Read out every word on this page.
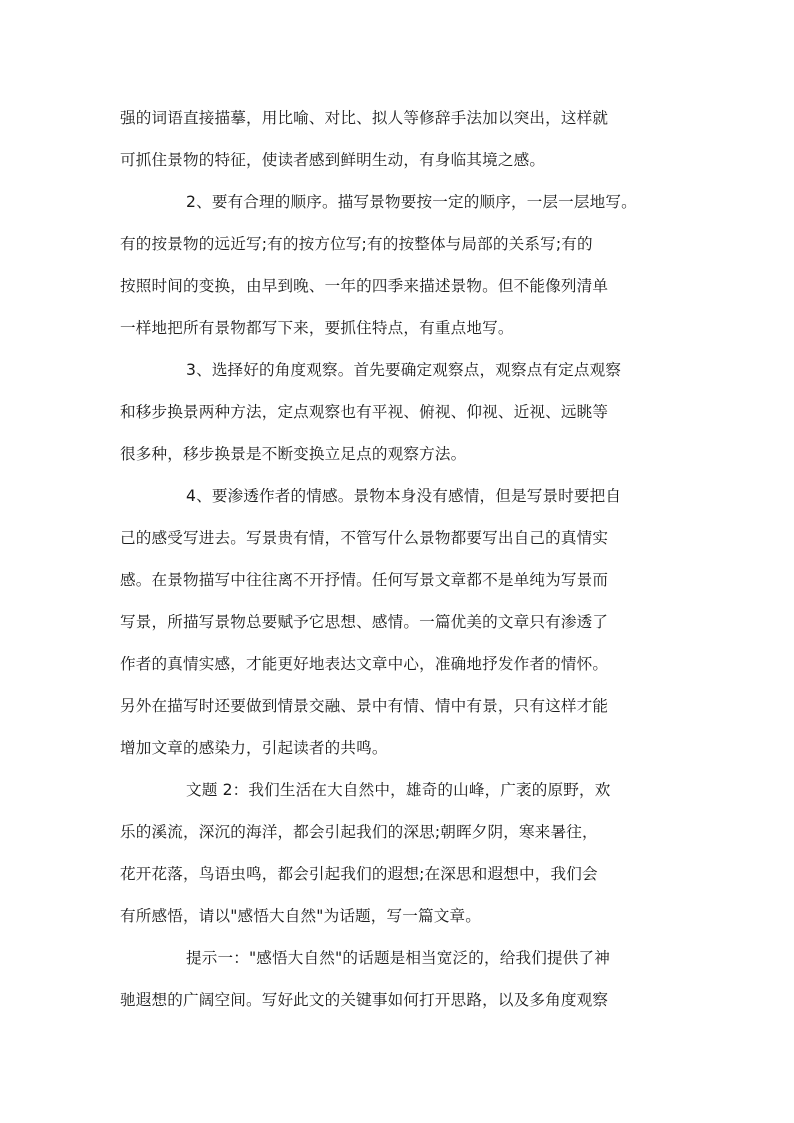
强的词语直接描摹，用比喻、对比、拟人等修辞手法加以突出，这样就
可抓住景物的特征，使读者感到鲜明生动，有身临其境之感。
2、要有合理的顺序。描写景物要按一定的顺序，一层一层地写。
有的按景物的远近写;有的按方位写;有的按整体与局部的关系写;有的
按照时间的变换，由早到晚、一年的四季来描述景物。但不能像列清单
一样地把所有景物都写下来，要抓住特点，有重点地写。
3、选择好的角度观察。首先要确定观察点，观察点有定点观察
和移步换景两种方法，定点观察也有平视、俯视、仰视、近视、远眺等
很多种，移步换景是不断变换立足点的观察方法。
4、要渗透作者的情感。景物本身没有感情，但是写景时要把自
己的感受写进去。写景贵有情，不管写什么景物都要写出自己的真情实
感。在景物描写中往往离不开抒情。任何写景文章都不是单纯为写景而
写景，所描写景物总要赋予它思想、感情。一篇优美的文章只有渗透了
作者的真情实感，才能更好地表达文章中心，准确地抒发作者的情怀。
另外在描写时还要做到情景交融、景中有情、情中有景，只有这样才能
增加文章的感染力，引起读者的共鸣。
文题 2：我们生活在大自然中，雄奇的山峰，广袤的原野，欢
乐的溪流，深沉的海洋，都会引起我们的深思;朝晖夕阴，寒来暑往，
花开花落，鸟语虫鸣，都会引起我们的遐想;在深思和遐想中，我们会
有所感悟，请以"感悟大自然"为话题，写一篇文章。
提示一："感悟大自然"的话题是相当宽泛的，给我们提供了神
驰遐想的广阔空间。写好此文的关键事如何打开思路，以及多角度观察
